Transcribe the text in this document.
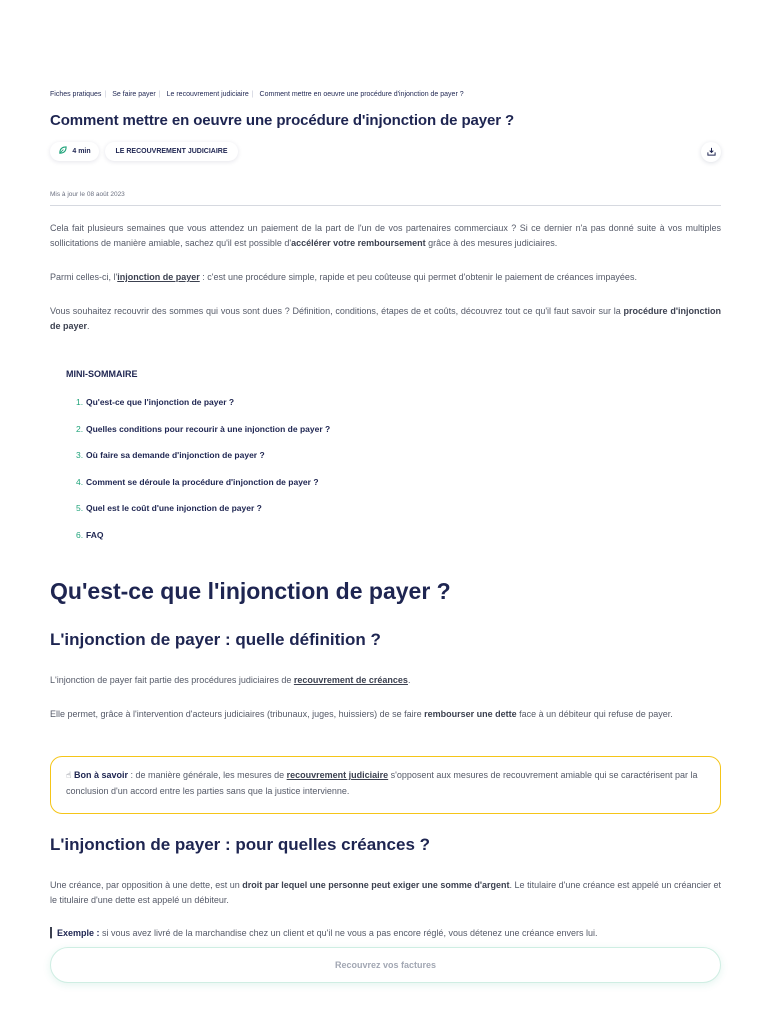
Fiches pratiques | Se faire payer | Le recouvrement judiciaire | Comment mettre en oeuvre une procédure d'injonction de payer ?
Comment mettre en oeuvre une procédure d'injonction de payer ?
4 min	LE RECOUVREMENT JUDICIAIRE
Mis à jour le 08 août 2023

Cela fait plusieurs semaines que vous attendez un paiement de la part de l'un de vos partenaires commerciaux ? Si ce dernier n'a pas donné suite à vos multiples sollicitations de manière amiable, sachez qu'il est possible d'accélérer votre remboursement grâce à des mesures judiciaires.

Parmi celles-ci, l'injonction de payer : c'est une procédure simple, rapide et peu coûteuse qui permet d'obtenir le paiement de créances impayées.

Vous souhaitez recouvrir des sommes qui vous sont dues ? Définition, conditions, étapes de et coûts, découvrez tout ce qu'il faut savoir sur la procédure d'injonction de payer.

MINI-SOMMAIRE
1. Qu'est-ce que l'injonction de payer ?
2. Quelles conditions pour recourir à une injonction de payer ?
3. Où faire sa demande d'injonction de payer ?
4. Comment se déroule la procédure d'injonction de payer ?
5. Quel est le coût d'une injonction de payer ?
6. FAQ
Qu'est-ce que l'injonction de payer ?
L'injonction de payer : quelle définition ?

L'injonction de payer fait partie des procédures judiciaires de recouvrement de créances.

Elle permet, grâce à l'intervention d'acteurs judiciaires (tribunaux, juges, huissiers) de se faire rembourser une dette face à un débiteur qui refuse de payer.

☝ Bon à savoir : de manière générale, les mesures de recouvrement judiciaire s'opposent aux mesures de recouvrement amiable qui se caractérisent par la conclusion d'un accord entre les parties sans que la justice intervienne.
L'injonction de payer : pour quelles créances ?

Une créance, par opposition à une dette, est un droit par lequel une personne peut exiger une somme d'argent. Le titulaire d'une créance est appelé un créancier et le titulaire d'une dette est appelé un débiteur.

Exemple : si vous avez livré de la marchandise chez un client et qu'il ne vous a pas encore réglé, vous détenez une créance envers lui.
Recouvrez vos factures
